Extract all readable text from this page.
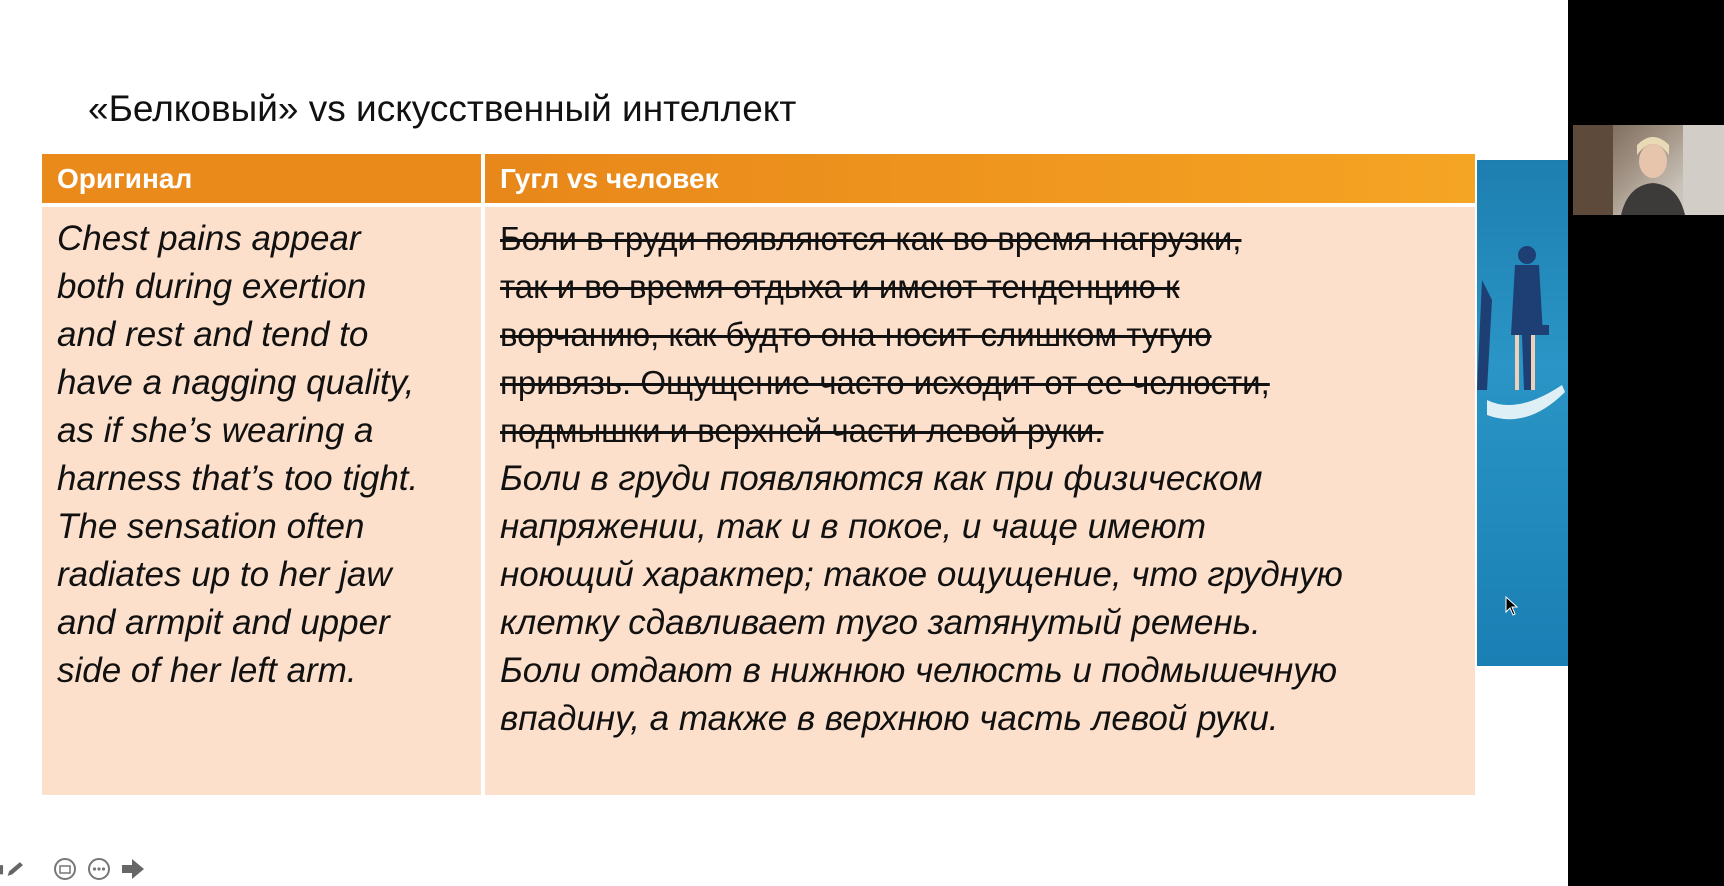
«Белковый» vs искусственный интеллект
Оригинал	Гугл vs человек
Chest pains appear
both during exertion
and rest and tend to
have a nagging quality,
as if she’s wearing a
harness that’s too tight.
The sensation often
radiates up to her jaw
and armpit and upper
side of her left arm.
Боли в груди появляются как во время нагрузки,
так и во время отдыха и имеют тенденцию к
ворчанию, как будто она носит слишком тугую
привязь. Ощущение часто исходит от ее челюсти,
подмышки и верхней части левой руки.
Боли в груди появляются как при физическом
напряжении, так и в покое, и чаще имеют
ноющий характер; такое ощущение, что грудную
клетку сдавливает туго затянутый ремень.
Боли отдают в нижнюю челюсть и подмышечную
впадину, а также в верхнюю часть левой руки.
